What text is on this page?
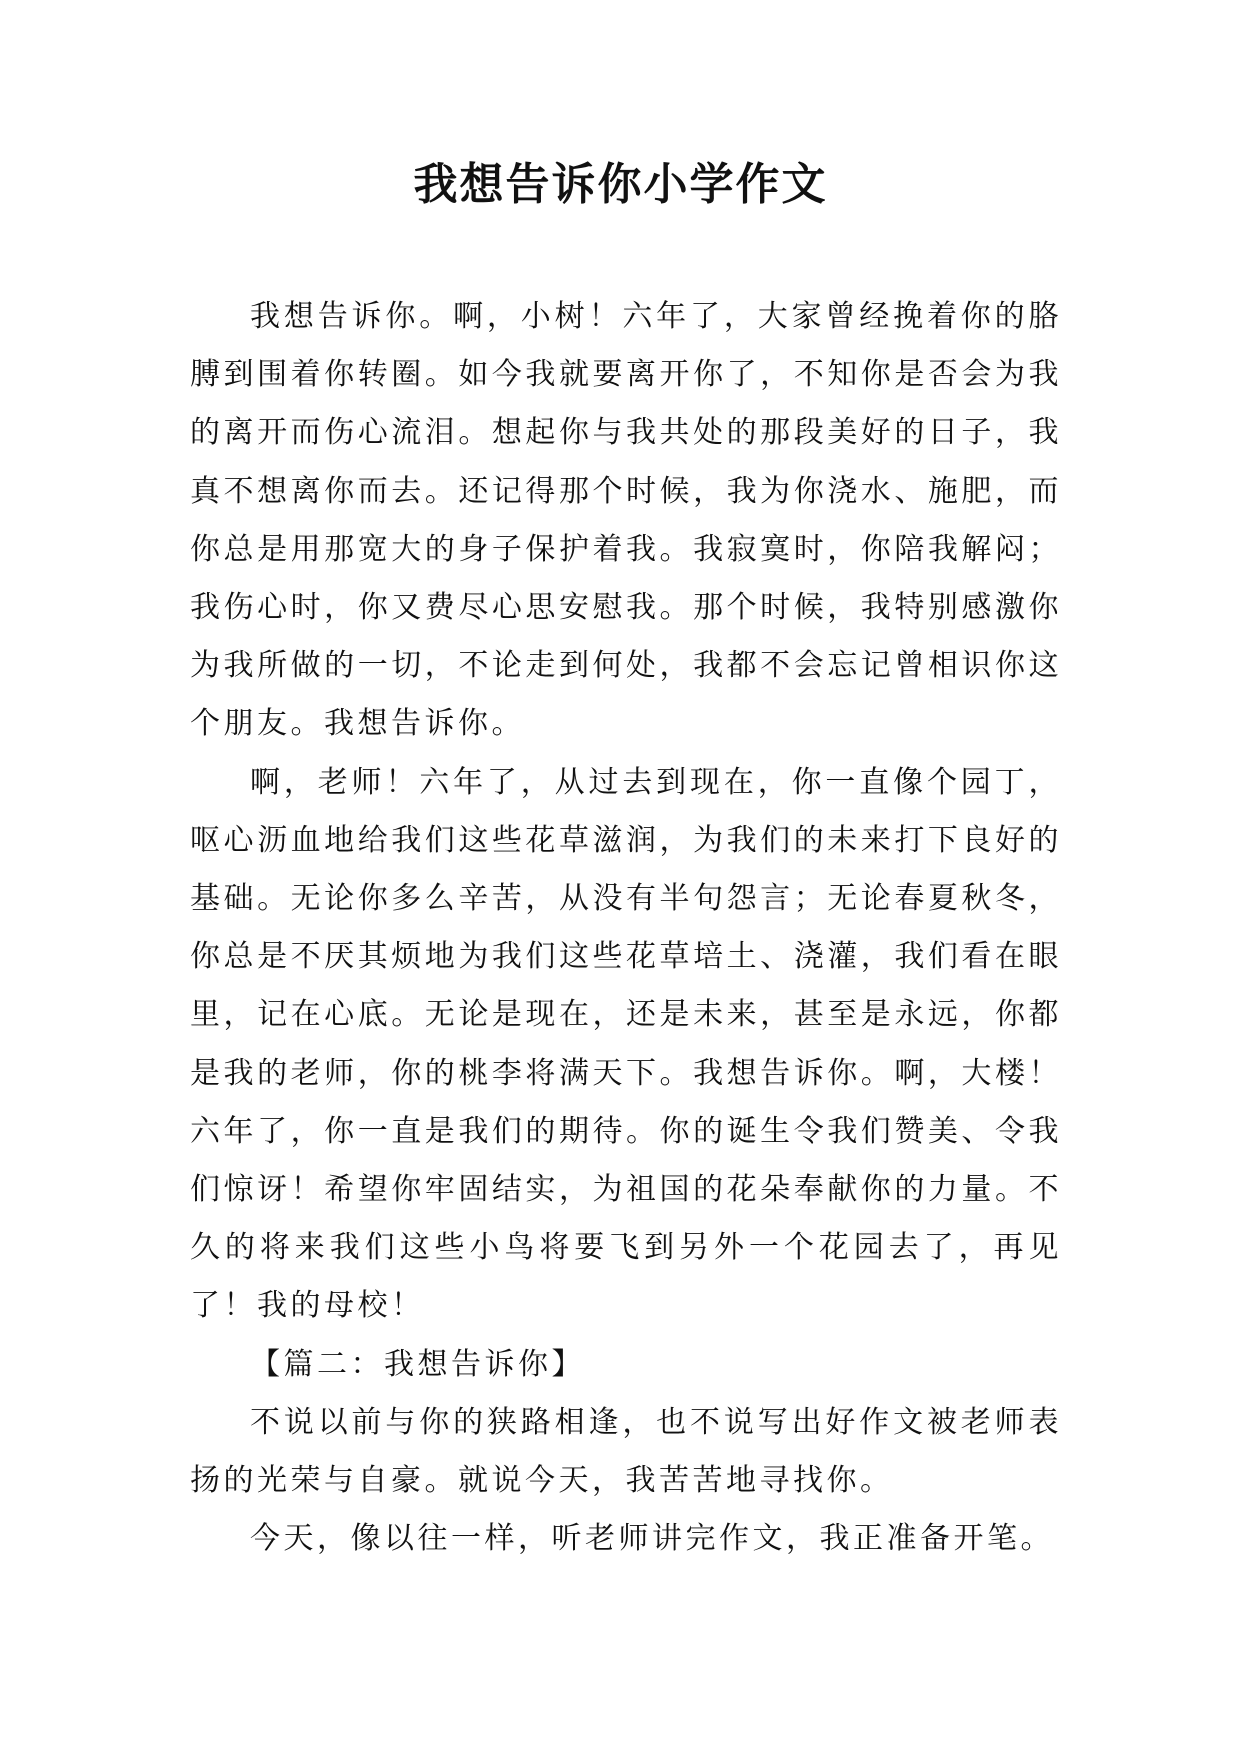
我想告诉你小学作文

我想告诉你。啊，小树！六年了，大家曾经挽着你的胳膊到围着你转圈。如今我就要离开你了，不知你是否会为我的离开而伤心流泪。想起你与我共处的那段美好的日子，我真不想离你而去。还记得那个时候，我为你浇水、施肥，而你总是用那宽大的身子保护着我。我寂寞时，你陪我解闷；我伤心时，你又费尽心思安慰我。那个时候，我特别感激你为我所做的一切，不论走到何处，我都不会忘记曾相识你这个朋友。我想告诉你。

啊，老师！六年了，从过去到现在，你一直像个园丁，呕心沥血地给我们这些花草滋润，为我们的未来打下良好的基础。无论你多么辛苦，从没有半句怨言；无论春夏秋冬，你总是不厌其烦地为我们这些花草培土、浇灌，我们看在眼里，记在心底。无论是现在，还是未来，甚至是永远，你都是我的老师，你的桃李将满天下。我想告诉你。啊，大楼！六年了，你一直是我们的期待。你的诞生令我们赞美、令我们惊讶！希望你牢固结实，为祖国的花朵奉献你的力量。不久的将来我们这些小鸟将要飞到另外一个花园去了，再见了！我的母校！

【篇二：我想告诉你】

不说以前与你的狭路相逢，也不说写出好作文被老师表扬的光荣与自豪。就说今天，我苦苦地寻找你。

今天，像以往一样，听老师讲完作文，我正准备开笔。
